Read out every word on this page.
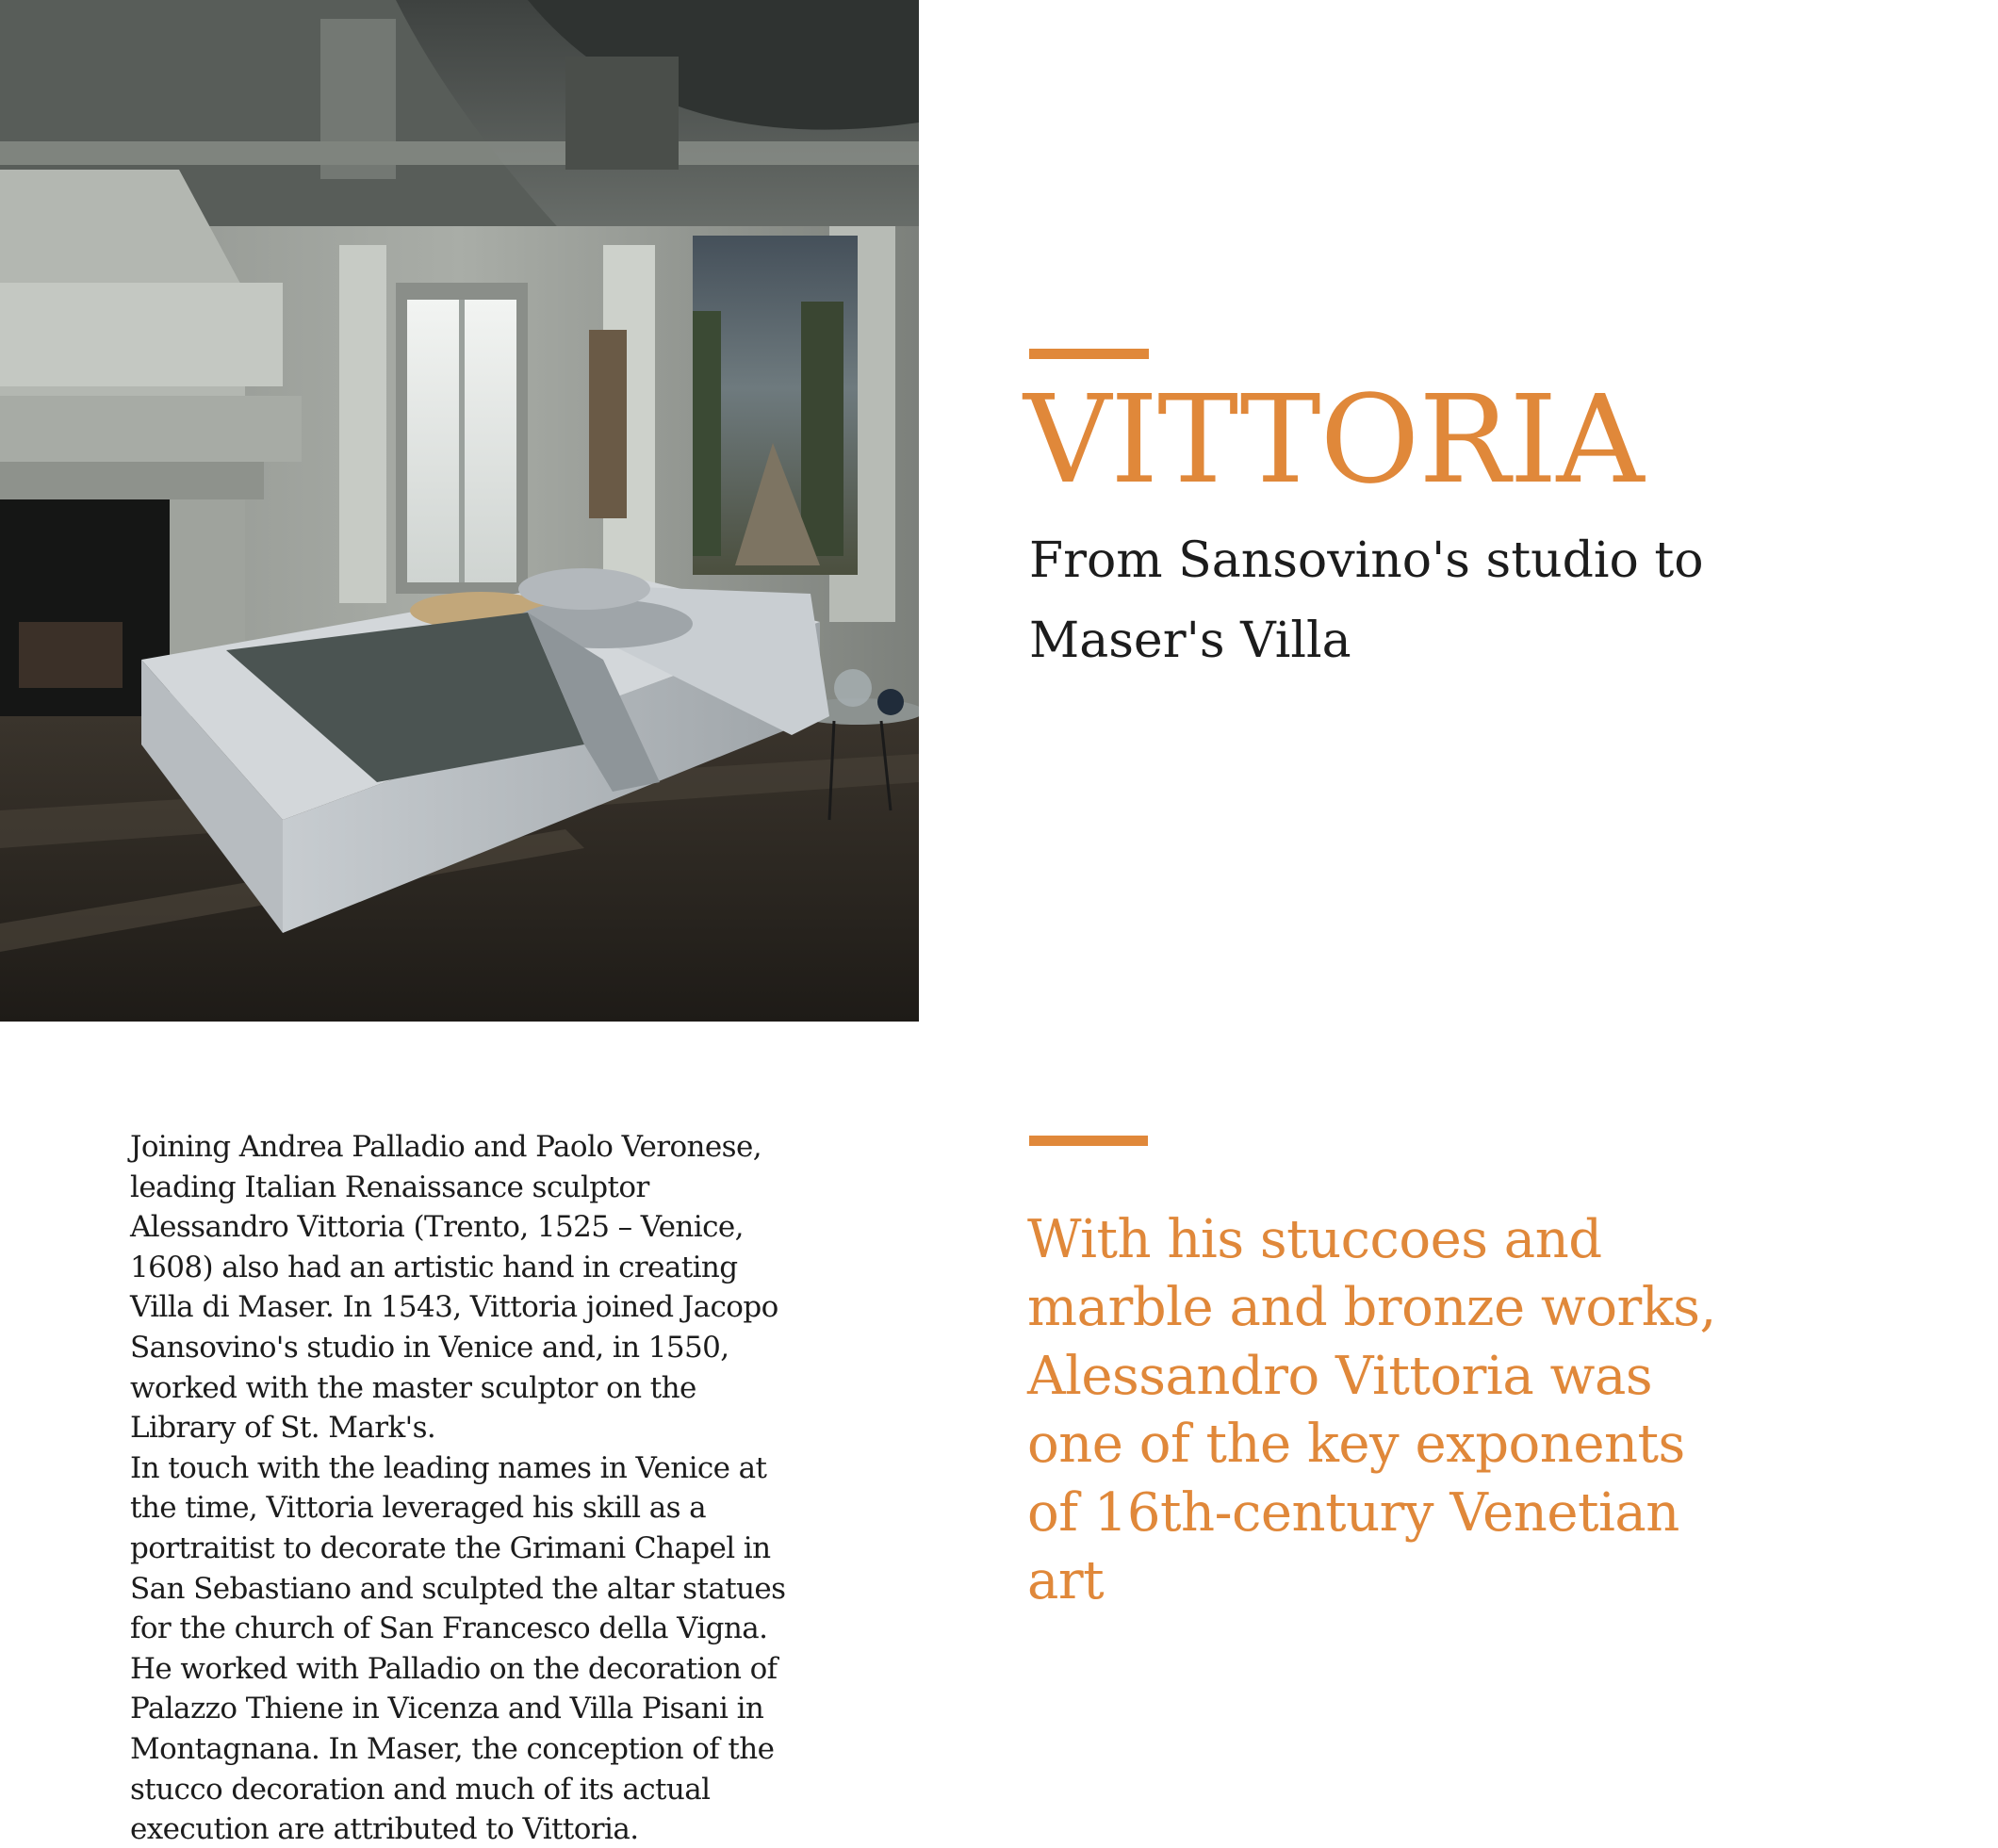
VITTORIA
From Sansovino's studio to
Maser's Villa
Joining Andrea Palladio and Paolo Veronese,
leading Italian Renaissance sculptor
Alessandro Vittoria (Trento, 1525 – Venice,
1608) also had an artistic hand in creating
Villa di Maser. In 1543, Vittoria joined Jacopo
Sansovino's studio in Venice and, in 1550,
worked with the master sculptor on the
Library of St. Mark's.
In touch with the leading names in Venice at
the time, Vittoria leveraged his skill as a
portraitist to decorate the Grimani Chapel in
San Sebastiano and sculpted the altar statues
for the church of San Francesco della Vigna.
He worked with Palladio on the decoration of
Palazzo Thiene in Vicenza and Villa Pisani in
Montagnana. In Maser, the conception of the
stucco decoration and much of its actual
execution are attributed to Vittoria.
With his stuccoes and
marble and bronze works,
Alessandro Vittoria was
one of the key exponents
of 16th-century Venetian
art
